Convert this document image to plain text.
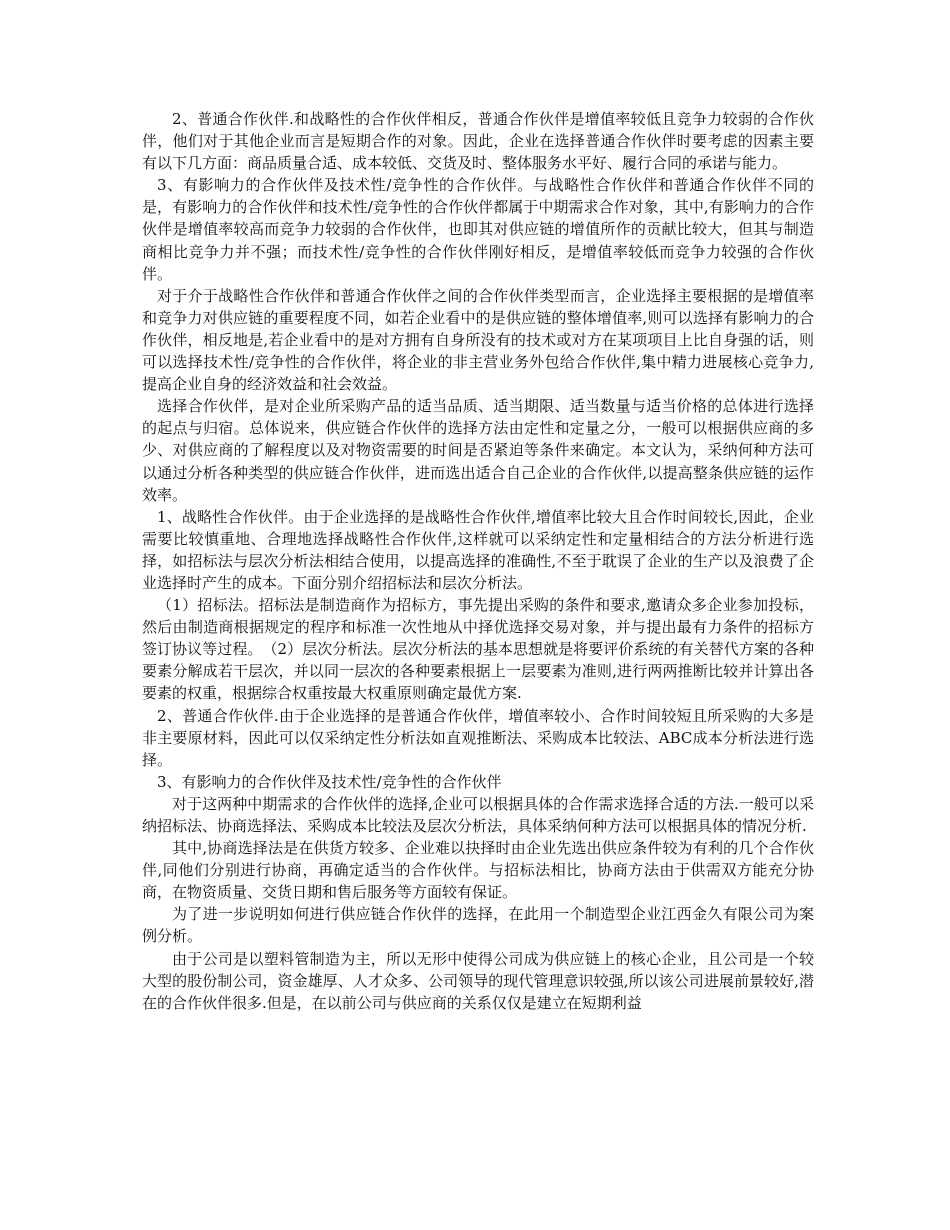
2、普通合作伙伴.和战略性的合作伙伴相反，普通合作伙伴是增值率较低且竞争力较弱的合作伙伴，他们对于其他企业而言是短期合作的对象。因此，企业在选择普通合作伙伴时要考虑的因素主要有以下几方面：商品质量合适、成本较低、交货及时、整体服务水平好、履行合同的承诺与能力。

3、有影响力的合作伙伴及技术性/竞争性的合作伙伴。与战略性合作伙伴和普通合作伙伴不同的是，有影响力的合作伙伴和技术性/竞争性的合作伙伴都属于中期需求合作对象，其中,有影响力的合作伙伴是增值率较高而竞争力较弱的合作伙伴，也即其对供应链的增值所作的贡献比较大，但其与制造商相比竞争力并不强；而技术性/竞争性的合作伙伴刚好相反，是增值率较低而竞争力较强的合作伙伴。

对于介于战略性合作伙伴和普通合作伙伴之间的合作伙伴类型而言，企业选择主要根据的是增值率和竞争力对供应链的重要程度不同，如若企业看中的是供应链的整体增值率,则可以选择有影响力的合作伙伴，相反地是,若企业看中的是对方拥有自身所没有的技术或对方在某项项目上比自身强的话，则可以选择技术性/竞争性的合作伙伴，将企业的非主营业务外包给合作伙伴,集中精力进展核心竞争力,提高企业自身的经济效益和社会效益。

选择合作伙伴，是对企业所采购产品的适当品质、适当期限、适当数量与适当价格的总体进行选择的起点与归宿。总体说来，供应链合作伙伴的选择方法由定性和定量之分，一般可以根据供应商的多少、对供应商的了解程度以及对物资需要的时间是否紧迫等条件来确定。本文认为，采纳何种方法可以通过分析各种类型的供应链合作伙伴，进而选出适合自己企业的合作伙伴,以提高整条供应链的运作效率。

1、战略性合作伙伴。由于企业选择的是战略性合作伙伴,增值率比较大且合作时间较长,因此，企业需要比较慎重地、合理地选择战略性合作伙伴,这样就可以采纳定性和定量相结合的方法分析进行选择，如招标法与层次分析法相结合使用，以提高选择的准确性,不至于耽误了企业的生产以及浪费了企业选择时产生的成本。下面分别介绍招标法和层次分析法。

（1）招标法。招标法是制造商作为招标方，事先提出采购的条件和要求,邀请众多企业参加投标，然后由制造商根据规定的程序和标准一次性地从中择优选择交易对象，并与提出最有力条件的招标方签订协议等过程。　（2）层次分析法。层次分析法的基本思想就是将要评价系统的有关替代方案的各种要素分解成若干层次，并以同一层次的各种要素根据上一层要素为准则,进行两两推断比较并计算出各要素的权重，根据综合权重按最大权重原则确定最优方案.

2、普通合作伙伴.由于企业选择的是普通合作伙伴，增值率较小、合作时间较短且所采购的大多是非主要原材料，因此可以仅采纳定性分析法如直观推断法、采购成本比较法、ABC成本分析法进行选择。

3、有影响力的合作伙伴及技术性/竞争性的合作伙伴

对于这两种中期需求的合作伙伴的选择,企业可以根据具体的合作需求选择合适的方法.一般可以采纳招标法、协商选择法、采购成本比较法及层次分析法，具体采纳何种方法可以根据具体的情况分析.

其中,协商选择法是在供货方较多、企业难以抉择时由企业先选出供应条件较为有利的几个合作伙伴,同他们分别进行协商，再确定适当的合作伙伴。与招标法相比，协商方法由于供需双方能充分协商，在物资质量、交货日期和售后服务等方面较有保证。

为了进一步说明如何进行供应链合作伙伴的选择，在此用一个制造型企业江西金久有限公司为案例分析。

由于公司是以塑料管制造为主，所以无形中使得公司成为供应链上的核心企业，且公司是一个较大型的股份制公司，资金雄厚、人才众多、公司领导的现代管理意识较强,所以该公司进展前景较好,潜在的合作伙伴很多.但是，在以前公司与供应商的关系仅仅是建立在短期利益
